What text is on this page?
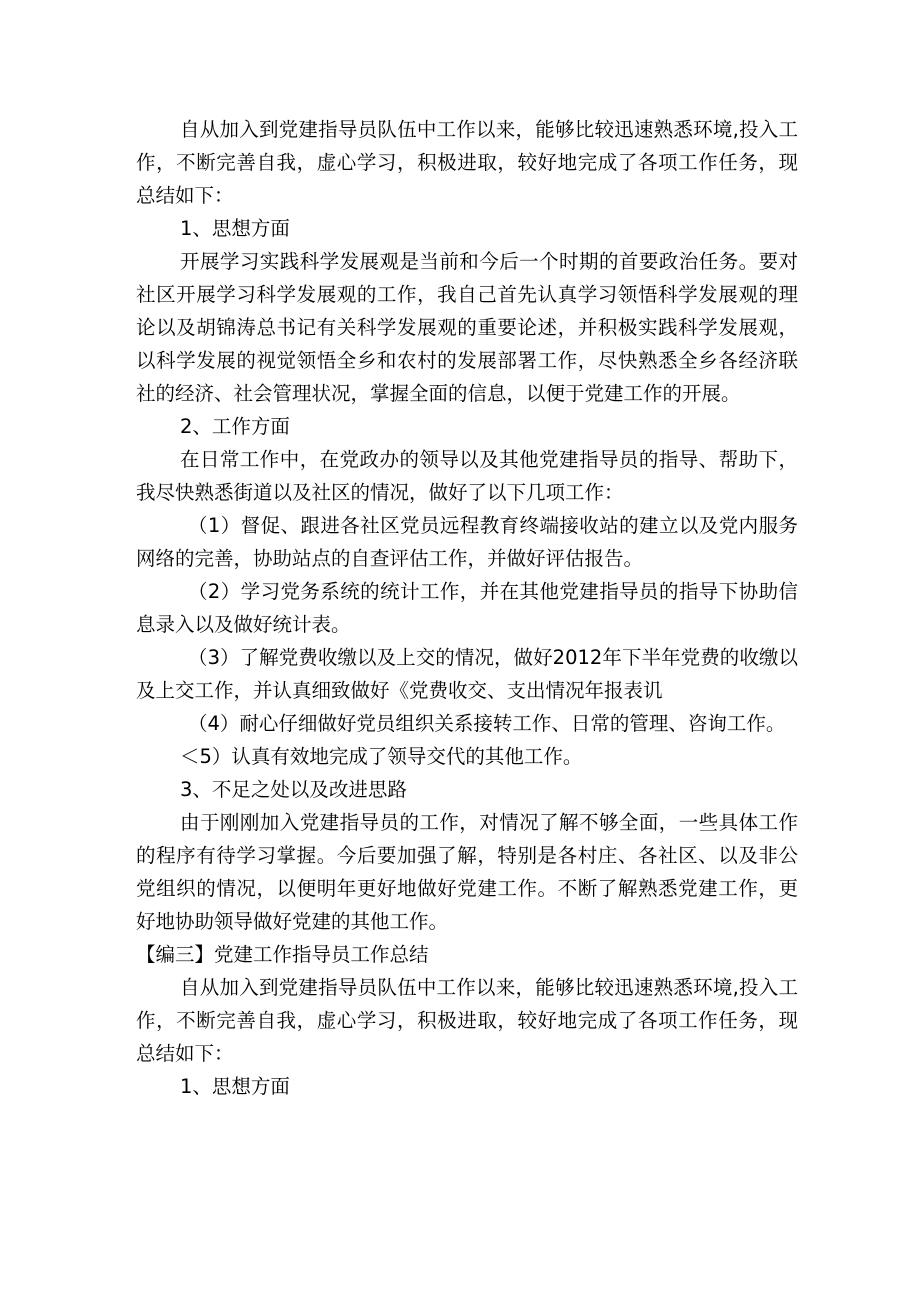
自从加入到党建指导员队伍中工作以来，能够比较迅速熟悉环境,投入工作，不断完善自我，虚心学习，积极进取，较好地完成了各项工作任务，现总结如下：

1、思想方面

开展学习实践科学发展观是当前和今后一个时期的首要政治任务。要对社区开展学习科学发展观的工作，我自己首先认真学习领悟科学发展观的理论以及胡锦涛总书记有关科学发展观的重要论述，并积极实践科学发展观，以科学发展的视觉领悟全乡和农村的发展部署工作，尽快熟悉全乡各经济联社的经济、社会管理状况，掌握全面的信息，以便于党建工作的开展。

2、工作方面

在日常工作中，在党政办的领导以及其他党建指导员的指导、帮助下，我尽快熟悉街道以及社区的情况，做好了以下几项工作：

（1）督促、跟进各社区党员远程教育终端接收站的建立以及党内服务网络的完善，协助站点的自查评估工作，并做好评估报告。

（2）学习党务系统的统计工作，并在其他党建指导员的指导下协助信息录入以及做好统计表。

（3）了解党费收缴以及上交的情况，做好2012年下半年党费的收缴以及上交工作，并认真细致做好《党费收交、支出情况年报表讥

（4）耐心仔细做好党员组织关系接转工作、日常的管理、咨询工作。

＜5）认真有效地完成了领导交代的其他工作。

3、不足之处以及改进思路

由于刚刚加入党建指导员的工作，对情况了解不够全面，一些具体工作的程序有待学习掌握。今后要加强了解，特别是各村庄、各社区、以及非公党组织的情况，以便明年更好地做好党建工作。不断了解熟悉党建工作，更好地协助领导做好党建的其他工作。

【编三】党建工作指导员工作总结

自从加入到党建指导员队伍中工作以来，能够比较迅速熟悉环境,投入工作，不断完善自我，虚心学习，积极进取，较好地完成了各项工作任务，现总结如下：

1、思想方面
